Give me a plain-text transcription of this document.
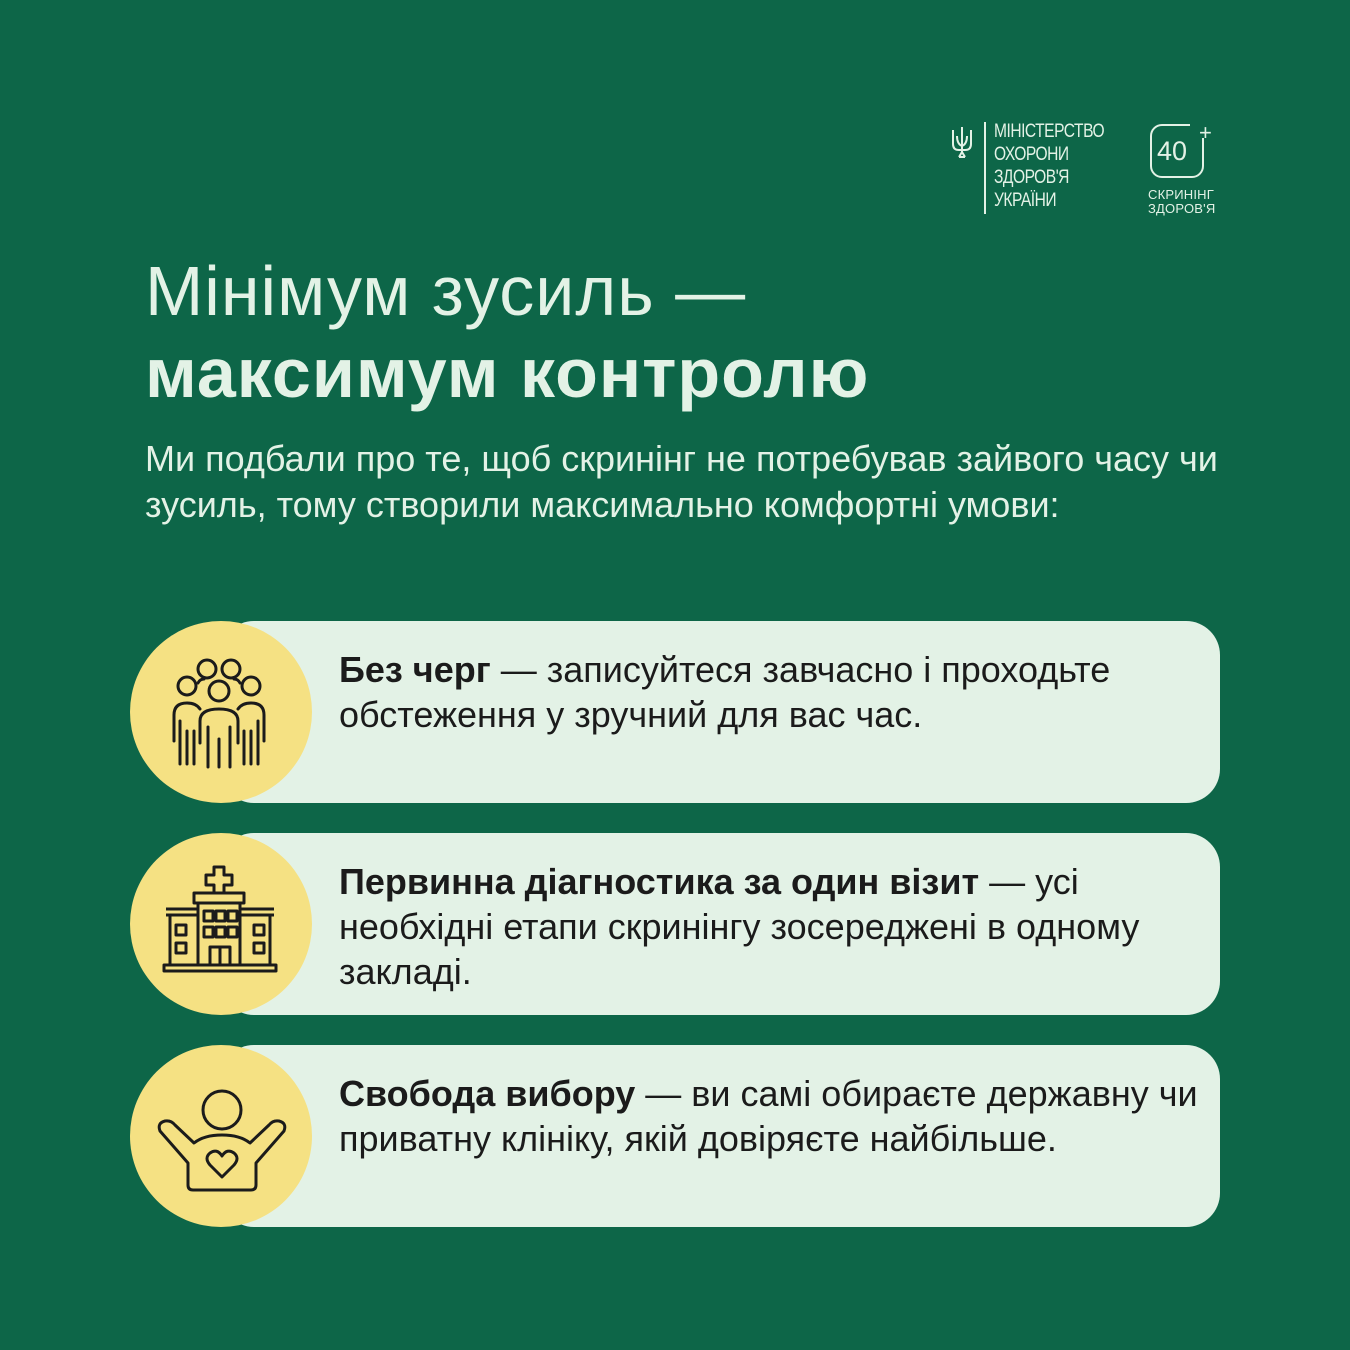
МІНІСТЕРСТВО
ОХОРОНИ
ЗДОРОВ'Я
УКРАЇНИ
40
+
СКРИНІНГ
ЗДОРОВ'Я
Мінімум зусиль —
максимум контролю

Ми подбали про те, щоб скринінг не потребував зайвого часу чи зусиль, тому створили максимально комфортні умови:

Без черг — записуйтеся завчасно і проходьте обстеження у зручний для вас час.

Первинна діагностика за один візит — усі необхідні етапи скринінгу зосереджені в одному закладі.

Свобода вибору — ви самі обираєте державну чи приватну клініку, якій довіряєте найбільше.
